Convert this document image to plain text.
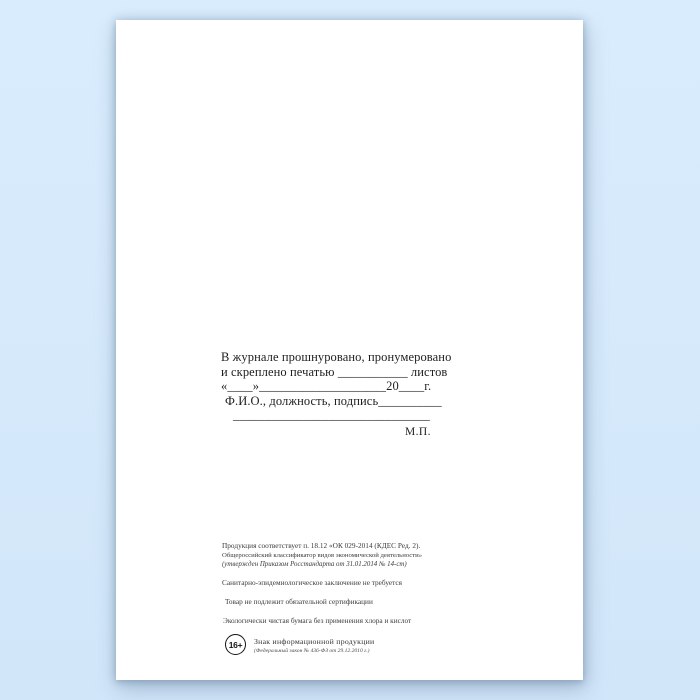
В журнале прошнуровано, пронумеровано
и скреплено печатью ___________ листов
«____»____________________20____г.
Ф.И.О., должность, подпись__________
_______________________________
М.П.
Продукция соответствует п. 18.12 «ОК 029-2014 (КДЕС Ред. 2).
Общероссийский классификатор видов экономической деятельности»
(утвержден Приказом Росстандарта от 31.01.2014 № 14-ст)
Санитарно-эпидемиологическое заключение не требуется
Товар не подлежит обязательной сертификации
Экологически чистая бумага без применения хлора и кислот
16+	Знак информационной продукции
(Федеральный закон № 436-ФЗ от 29.12.2010 г.)
